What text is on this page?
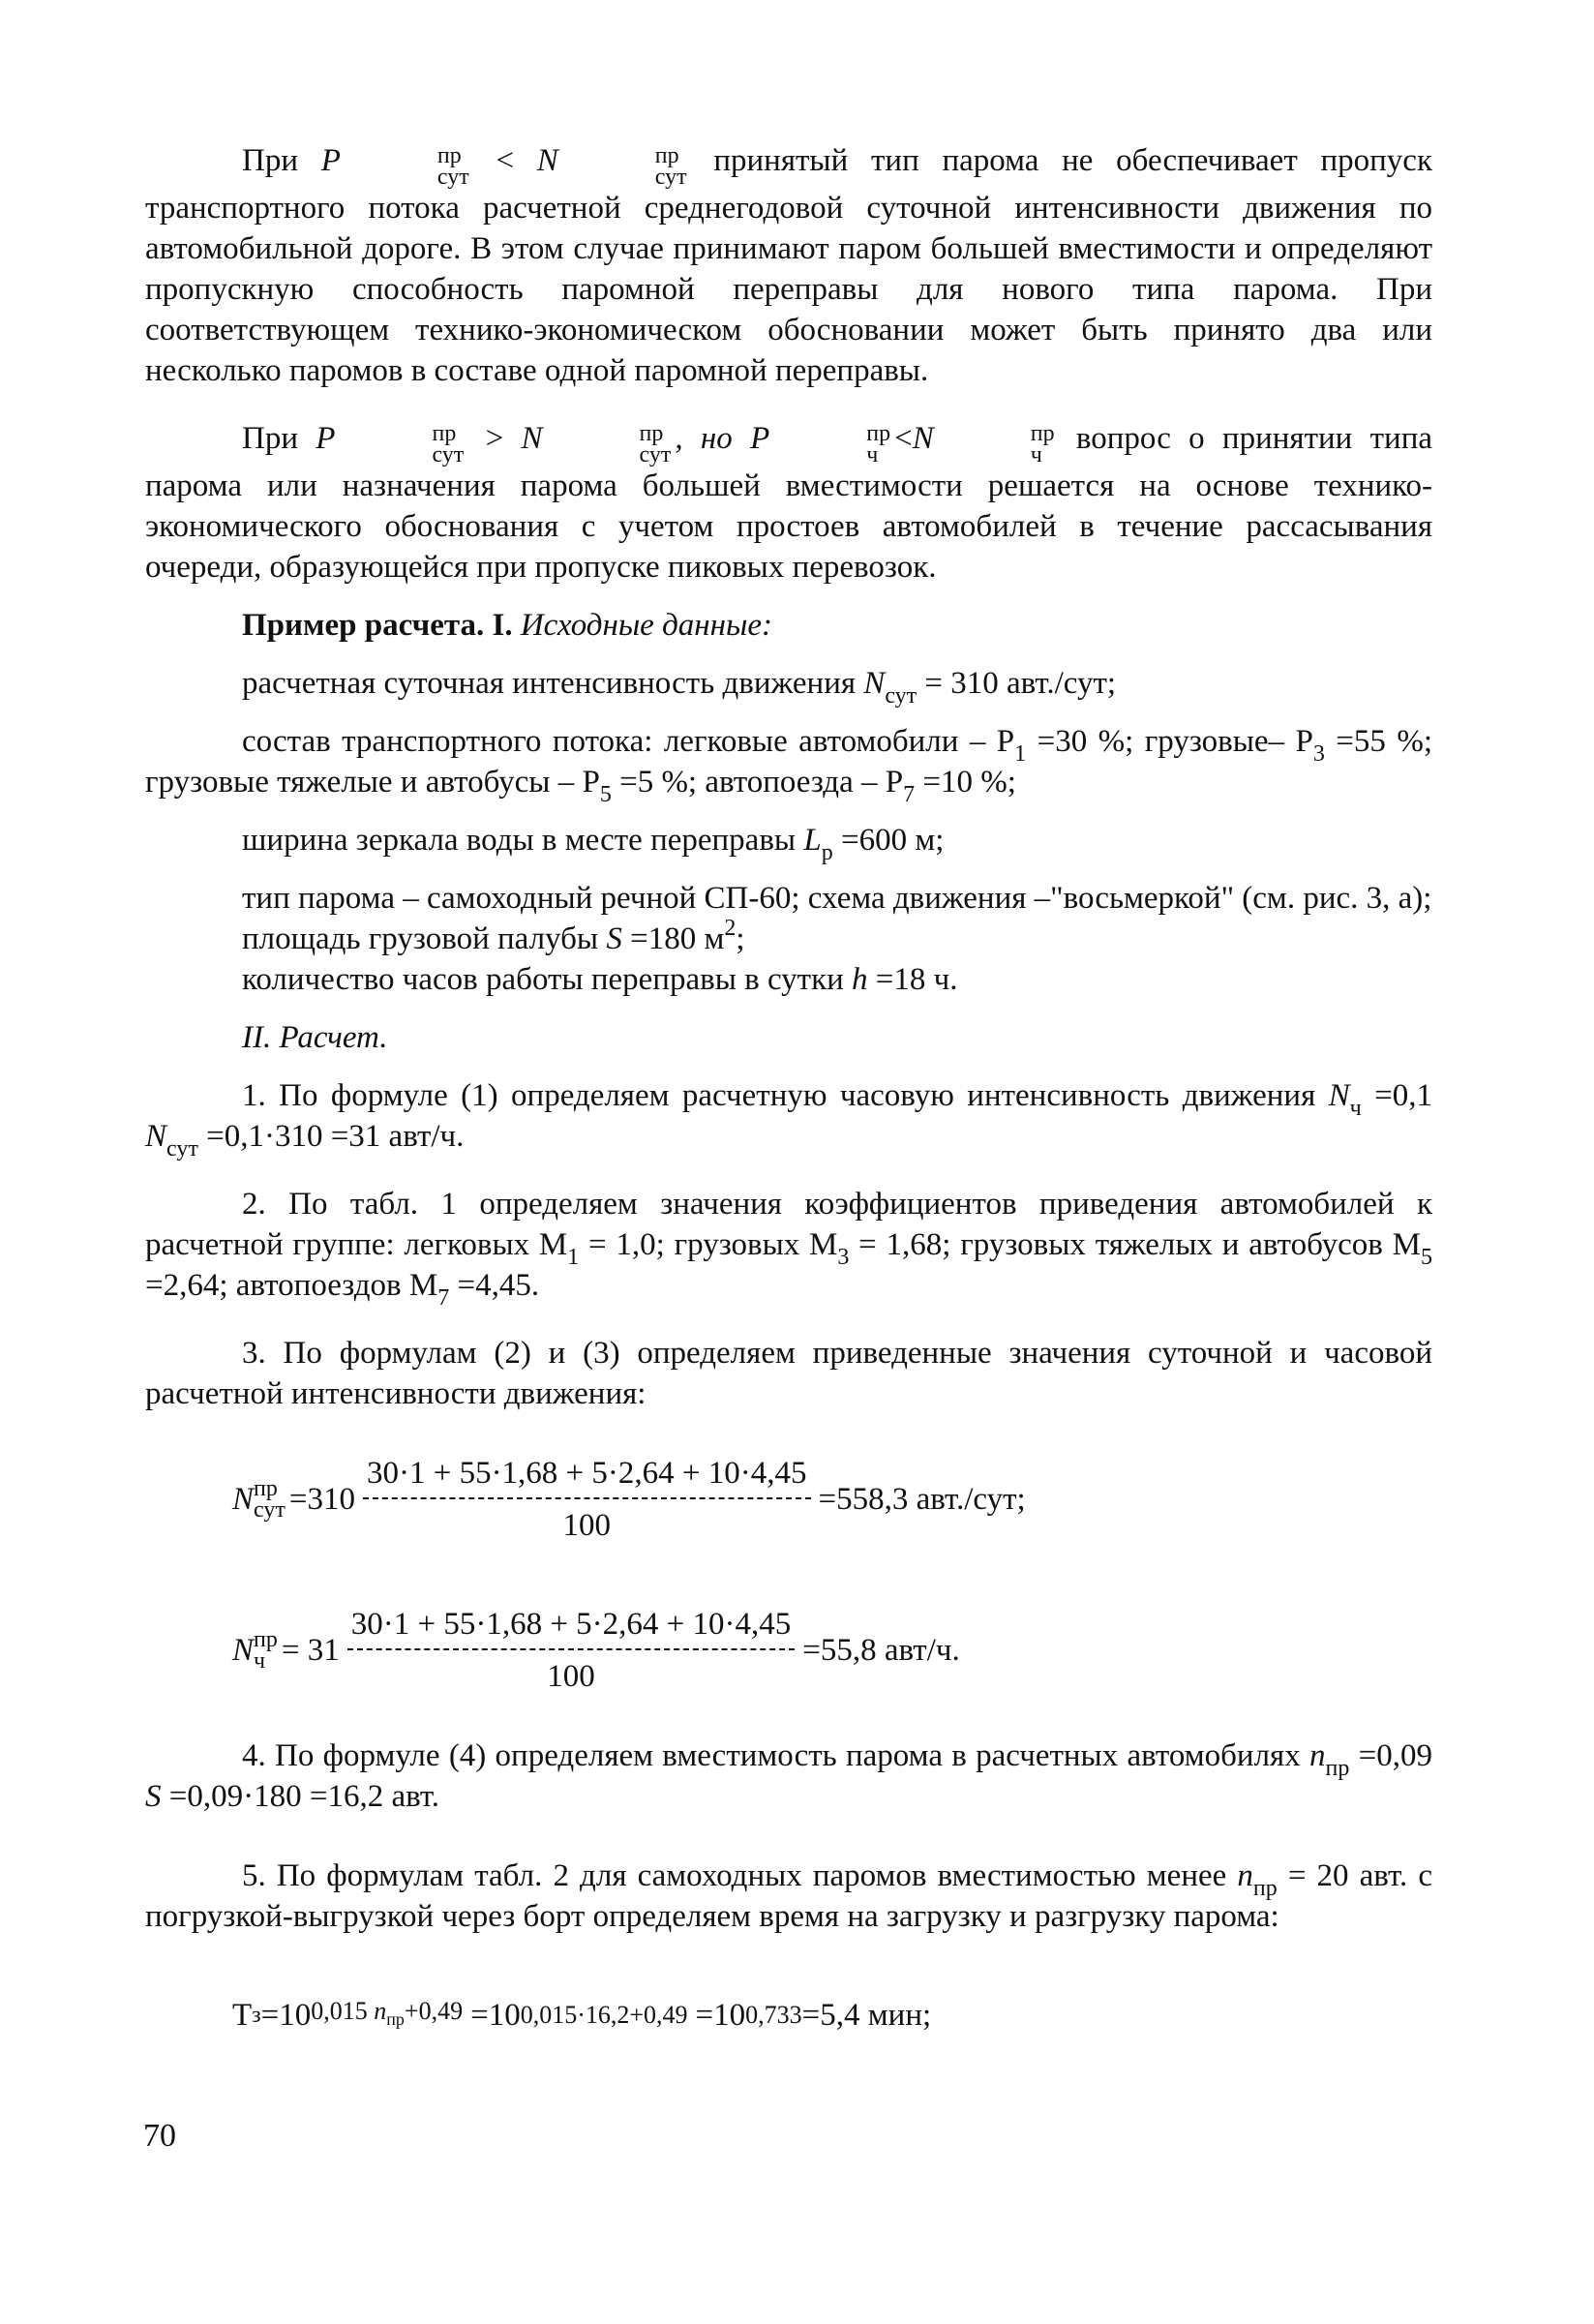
При P	пр
сут < N	пр
сут принятый тип парома не обеспечивает пропуск транспортного потока расчетной среднегодовой суточной интенсивности движения по автомобильной дороге. В этом случае принимают паром большей вместимости и определяют пропускную способность паромной переправы для нового типа парома. При соответствующем технико-экономическом обосновании может быть принято два или несколько паромов в составе одной паромной переправы.

При P	пр
сут > N	пр
сут , но P	пр
ч <N	пр
ч вопрос о принятии типа парома или назначения парома большей вместимости решается на основе технико-экономического обоснования с учетом простоев автомобилей в течение рассасывания очереди, образующейся при пропуске пиковых перевозок.

Пример расчета. I. Исходные данные:

расчетная суточная интенсивность движения $N_{сут} = 310$ авт./сут;

состав транспортного потока: легковые автомобили – $P_1 =30$ %; грузовые– $P_3 =55$ %; грузовые тяжелые и автобусы – $P_5 =5$ %; автопоезда – $P_7 =10$ %;

ширина зеркала воды в месте переправы $L_p =600$ м;

тип парома – самоходный речной СП-60; схема движения –"восьмеркой" (см. рис. 3, а);

площадь грузовой палубы S =180 $м^2$;

количество часов работы переправы в сутки h =18 ч.

II. Расчет.

1. По формуле (1) определяем расчетную часовую интенсивность движения $N_ч =0,1$ $N_{сут} =0,1\cdot 310 =31$ авт/ч.

2. По табл. 1 определяем значения коэффициентов приведения автомобилей к расчетной группе: легковых $M_1 = 1,0$; грузовых $M_3 = 1,68$; грузовых тяжелых и автобусов $M_5 =2,64$; автопоездов $M_7 =4,45$.

3. По формулам (2) и (3) определяем приведенные значения суточной и часовой расчетной интенсивности движения:

N пр
сут $=310 \frac{30\cdot 1 + 55\cdot 1,68 + 5\cdot 2,64 + 10\cdot 4,45}{100} =558,3$ авт./сут;
N пр
$ч = 31 \frac{30\cdot 1 + 55\cdot 1,68 + 5\cdot 2,64 + 10\cdot 4,45}{100} =55,8$ авт/ч.

4. По формуле (4) определяем вместимость парома в расчетных автомобилях $n_{пр} =0,09$ S =0,09·180 =16,2 авт.

5. По формулам табл. 2 для самоходных паромов вместимостью менее $n_{пр} = 20$ авт. с погрузкой-выгрузкой через борт определяем время на загрузку и разгрузку парома:

T з =10 0,015 $n_{пр}+0,49 =10$ 0,015·16,2+0,49 =10 0,733 =5,4 мин;
70
